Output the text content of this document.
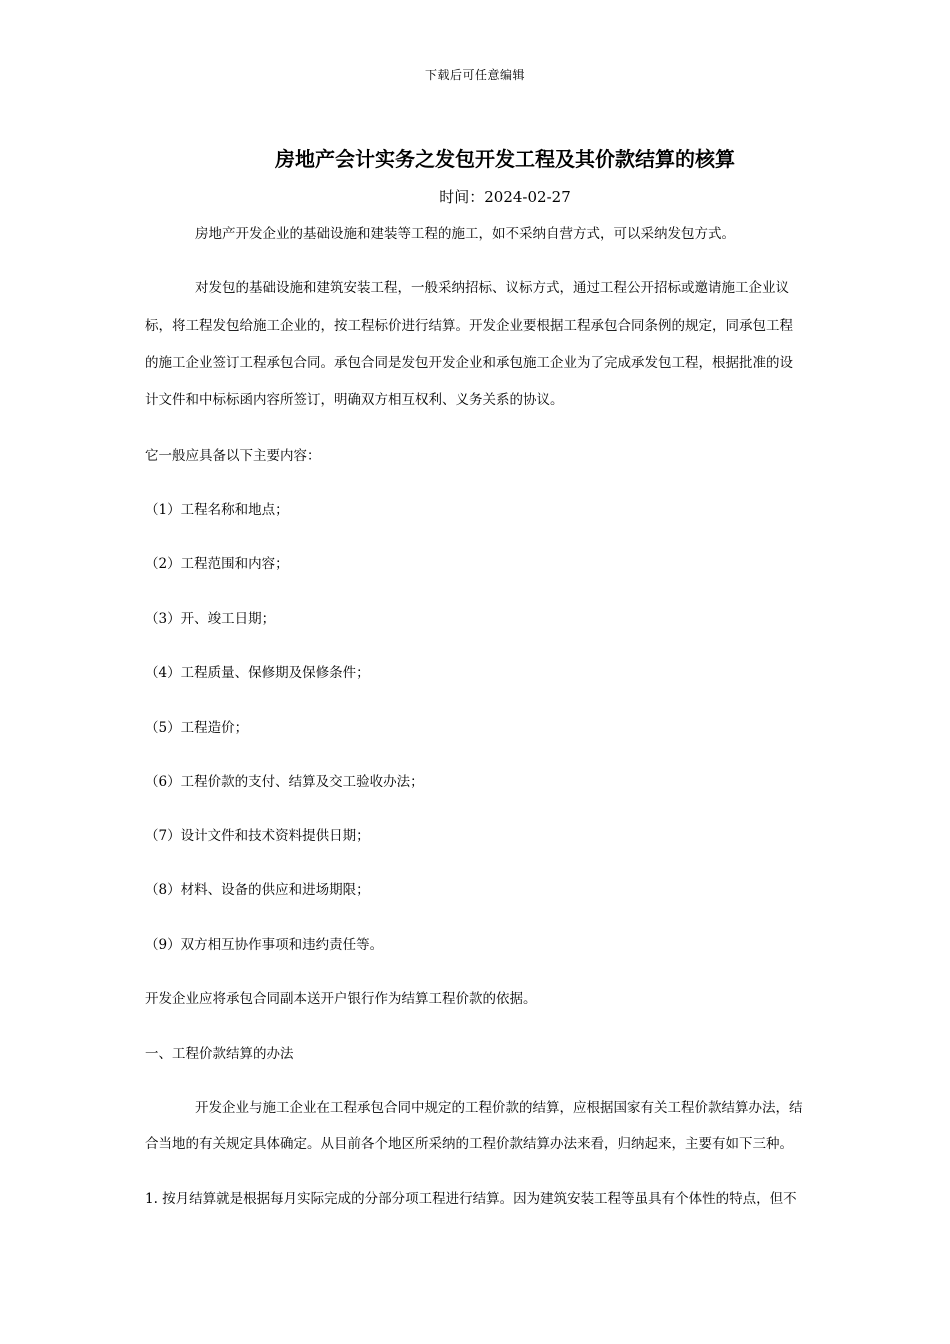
下载后可任意编辑
房地产会计实务之发包开发工程及其价款结算的核算
时间：2024-02-27
房地产开发企业的基础设施和建装等工程的施工，如不采纳自营方式，可以采纳发包方式。
对发包的基础设施和建筑安装工程，一般采纳招标、议标方式，通过工程公开招标或邀请施工企业议
标，将工程发包给施工企业的，按工程标价进行结算。开发企业要根据工程承包合同条例的规定，同承包工程
的施工企业签订工程承包合同。承包合同是发包开发企业和承包施工企业为了完成承发包工程，根据批准的设
计文件和中标标函内容所签订，明确双方相互权利、义务关系的协议。
它一般应具备以下主要内容：
（1）工程名称和地点；
（2）工程范围和内容；
（3）开、竣工日期；
（4）工程质量、保修期及保修条件；
（5）工程造价；
（6）工程价款的支付、结算及交工验收办法；
（7）设计文件和技术资料提供日期；
（8）材料、设备的供应和进场期限；
（9）双方相互协作事项和违约责任等。
开发企业应将承包合同副本送开户银行作为结算工程价款的依据。
一、工程价款结算的办法
开发企业与施工企业在工程承包合同中规定的工程价款的结算，应根据国家有关工程价款结算办法，结
合当地的有关规定具体确定。从目前各个地区所采纳的工程价款结算办法来看，归纳起来，主要有如下三种。
1. 按月结算就是根据每月实际完成的分部分项工程进行结算。因为建筑安装工程等虽具有个体性的特点，但不
